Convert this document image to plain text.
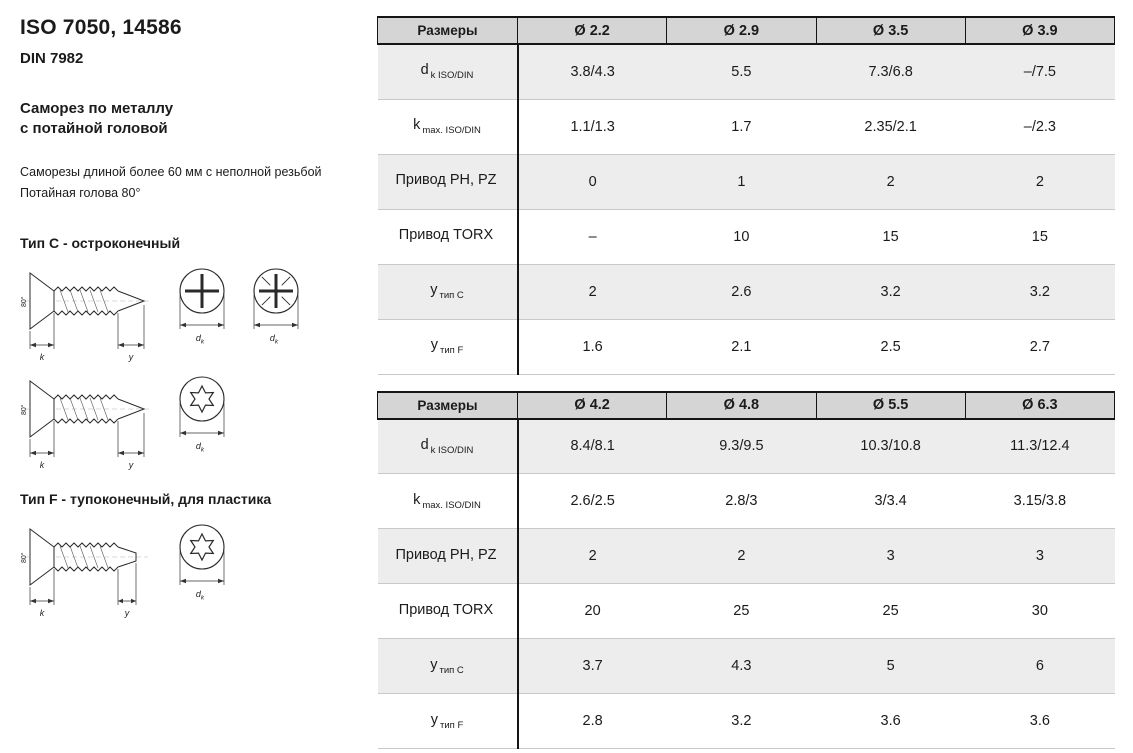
ISO 7050, 14586
DIN 7982

Саморез по металлу
с потайной головой

Саморезы длиной более 60 мм с неполной резьбой
Потайная голова 80°

Тип C - остроконечный
k	y
80°
$d_k$	$d_k$
k	y
80°
$d_k$
Тип F - тупоконечный, для пластика
k	y
80°
$d_k$
Размеры	Ø 2.2	Ø 2.9	Ø 3.5	Ø 3.9
d $_{k ISO/DIN}$	3.8/4.3	5.5	7.3/6.8	–/7.5
k $_{max. ISO/DIN}$	1.1/1.3	1.7	2.35/2.1	–/2.3
Привод PH, PZ	0	1	2	2
Привод TORX	–	10	15	15
y $_{тип C}$	2	2.6	3.2	3.2
y $_{тип F}$	1.6	2.1	2.5	2.7
Размеры	Ø 4.2	Ø 4.8	Ø 5.5	Ø 6.3
d $_{k ISO/DIN}$	8.4/8.1	9.3/9.5	10.3/10.8	11.3/12.4
k $_{max. ISO/DIN}$	2.6/2.5	2.8/3	3/3.4	3.15/3.8
Привод PH, PZ	2	2	3	3
Привод TORX	20	25	25	30
y $_{тип C}$	3.7	4.3	5	6
y $_{тип F}$	2.8	3.2	3.6	3.6
